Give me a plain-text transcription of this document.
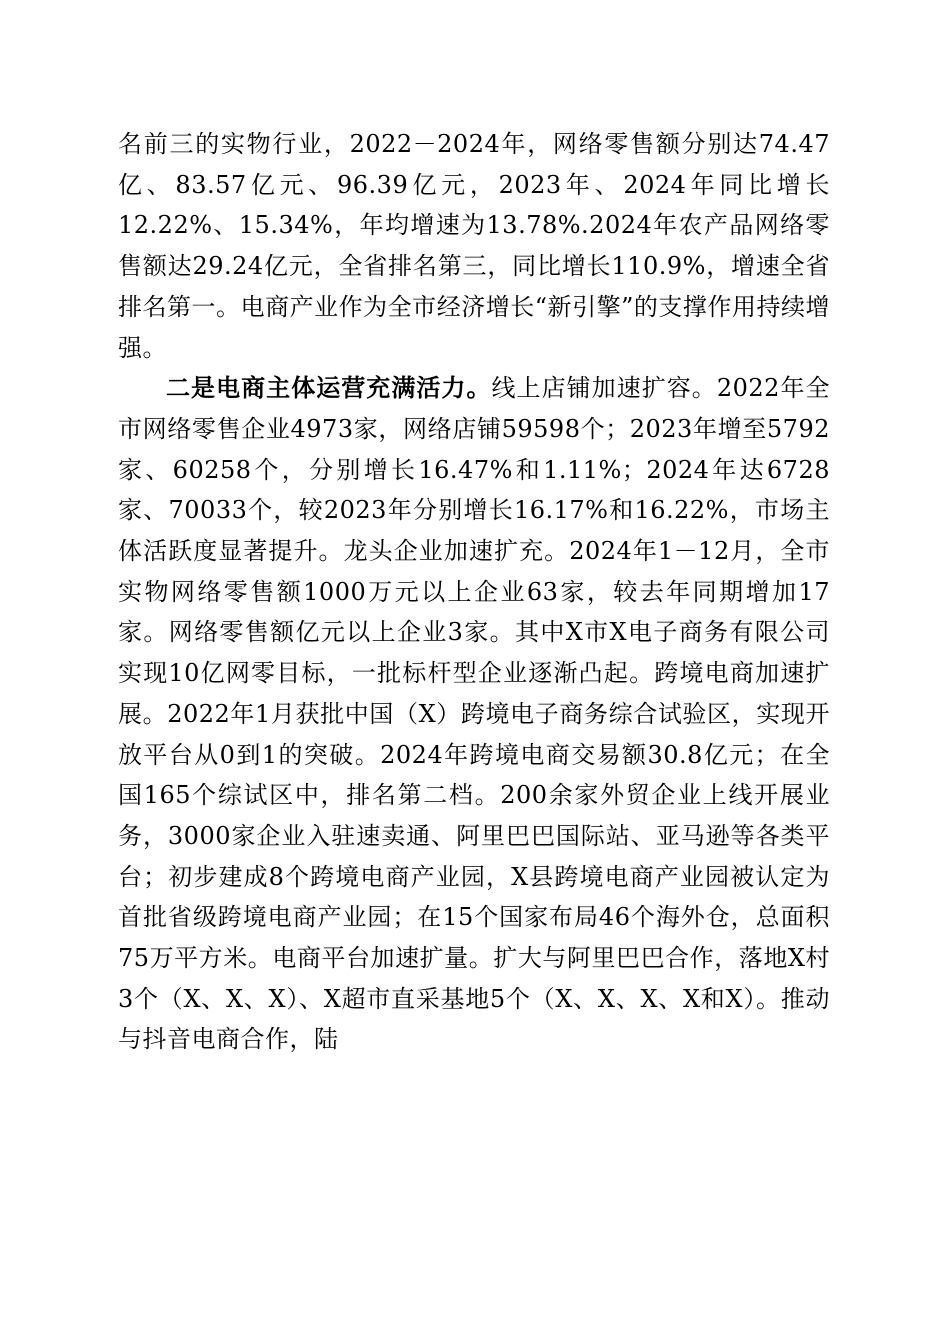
名前三的实物行业，2022－2024年，网络零售额分别达74.47亿、83.57亿元、96.39亿元，2023年、2024年同比增长12.22%、15.34%，年均增速为13.78%.2024年农产品网络零售额达29.24亿元，全省排名第三，同比增长110.9%，增速全省排名第一。电商产业作为全市经济增长“新引擎”的支撑作用持续增强。

二是电商主体运营充满活力。线上店铺加速扩容。2022年全市网络零售企业4973家，网络店铺59598个；2023年增至5792家、60258个，分别增长16.47%和1.11%；2024年达6728家、70033个，较2023年分别增长16.17%和16.22%，市场主体活跃度显著提升。龙头企业加速扩充。2024年1－12月，全市实物网络零售额1000万元以上企业63家，较去年同期增加17家。网络零售额亿元以上企业3家。其中X市X电子商务有限公司实现10亿网零目标，一批标杆型企业逐渐凸起。跨境电商加速扩展。2022年1月获批中国（X）跨境电子商务综合试验区，实现开放平台从0到1的突破。2024年跨境电商交易额30.8亿元；在全国165个综试区中，排名第二档。200余家外贸企业上线开展业务，3000家企业入驻速卖通、阿里巴巴国际站、亚马逊等各类平台；初步建成8个跨境电商产业园，X县跨境电商产业园被认定为首批省级跨境电商产业园；在15个国家布局46个海外仓，总面积75万平方米。电商平台加速扩量。扩大与阿里巴巴合作，落地X村3个（X、X、X）、X超市直采基地5个（X、X、X、X和X）。推动与抖音电商合作，陆
